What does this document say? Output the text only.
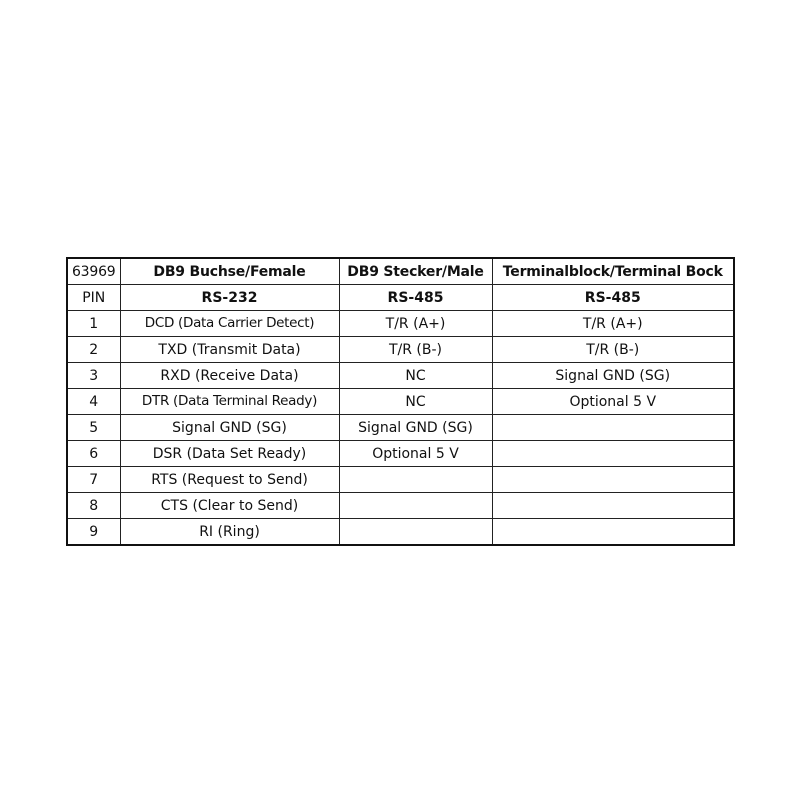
63969	DB9 Buchse/Female	DB9 Stecker/Male	Terminalblock/Terminal Bock
PIN	RS-232	RS-485	RS-485
1	DCD (Data Carrier Detect)	T/R (A+)	T/R (A+)
2	TXD (Transmit Data)	T/R (B-)	T/R (B-)
3	RXD (Receive Data)	NC	Signal GND (SG)
4	DTR (Data Terminal Ready)	NC	Optional 5 V
5	Signal GND (SG)	Signal GND (SG)	
6	DSR (Data Set Ready)	Optional 5 V	
7	RTS (Request to Send)		
8	CTS (Clear to Send)		
9	RI (Ring)		
